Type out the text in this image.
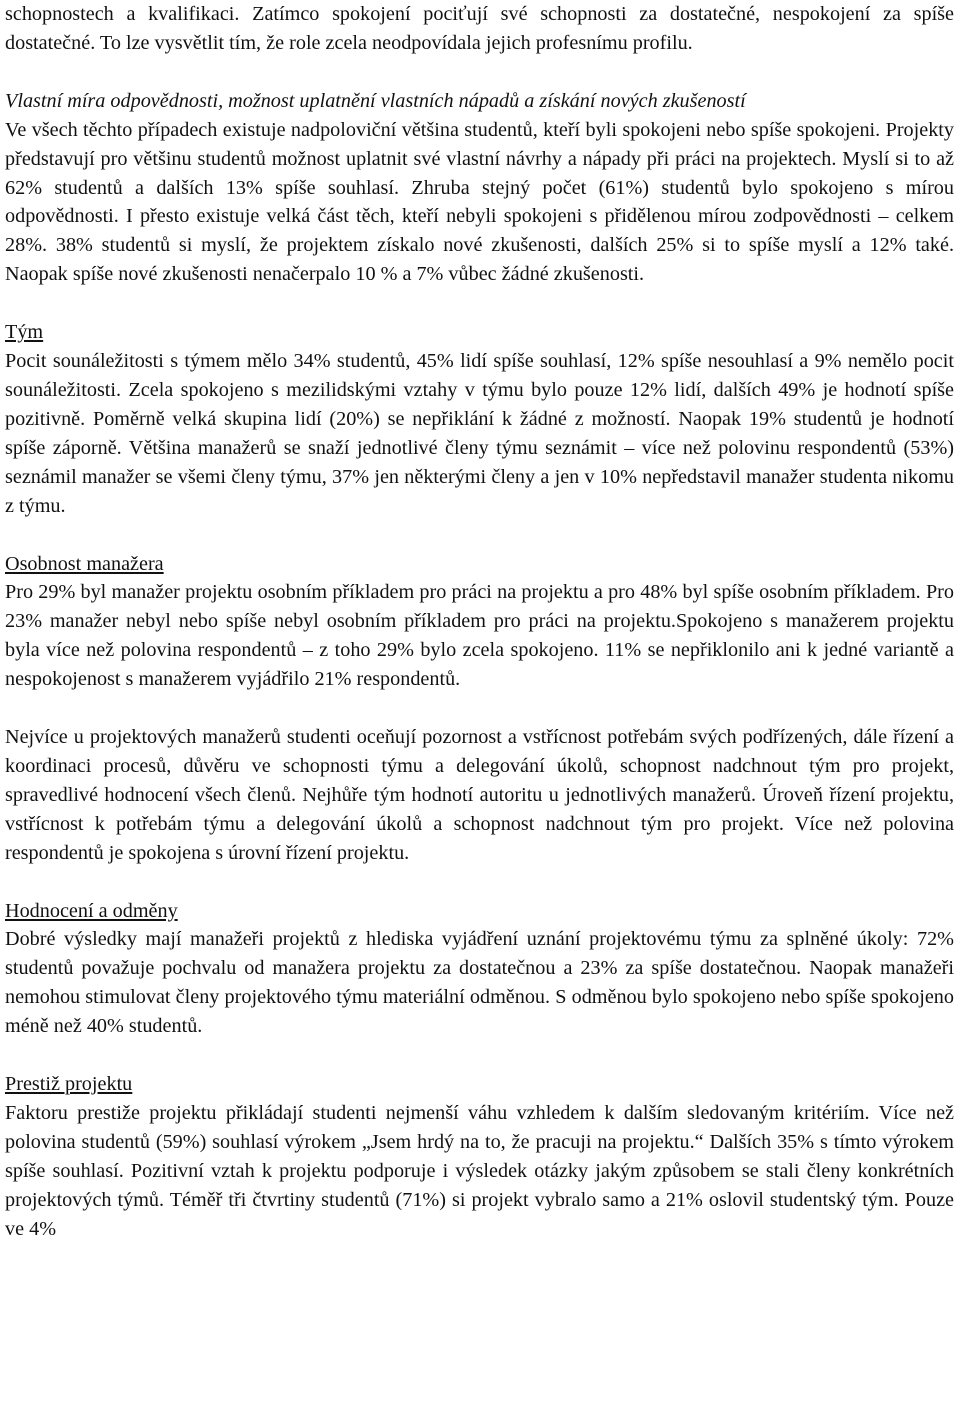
schopnostech a kvalifikaci. Zatímco spokojení pociťují své schopnosti za dostatečné, nespokojení za spíše dostatečné. To lze vysvětlit tím, že role zcela neodpovídala jejich profesnímu profilu.

Vlastní míra odpovědnosti, možnost uplatnění vlastních nápadů a získání nových zkušeností

Ve všech těchto případech existuje nadpoloviční většina studentů, kteří byli spokojeni nebo spíše spokojeni. Projekty představují pro většinu studentů možnost uplatnit své vlastní návrhy a nápady při práci na projektech. Myslí si to až 62% studentů a dalších 13% spíše souhlasí. Zhruba stejný počet (61%) studentů bylo spokojeno s mírou odpovědnosti. I přesto existuje velká část těch, kteří nebyli spokojeni s přidělenou mírou zodpovědnosti – celkem 28%. 38% studentů si myslí, že projektem získalo nové zkušenosti, dalších 25% si to spíše myslí a 12% také. Naopak spíše nové zkušenosti nenačerpalo 10 % a 7% vůbec žádné zkušenosti.

Tým

Pocit sounáležitosti s týmem mělo 34% studentů, 45% lidí spíše souhlasí, 12% spíše nesouhlasí a 9% nemělo pocit sounáležitosti. Zcela spokojeno s mezilidskými vztahy v týmu bylo pouze 12% lidí, dalších 49% je hodnotí spíše pozitivně. Poměrně velká skupina lidí (20%) se nepřiklání k žádné z možností. Naopak 19% studentů je hodnotí spíše záporně. Většina manažerů se snaží jednotlivé členy týmu seznámit – více než polovinu respondentů (53%) seznámil manažer se všemi členy týmu, 37% jen některými členy a jen v 10% nepředstavil manažer studenta nikomu z týmu.

Osobnost manažera

Pro 29% byl manažer projektu osobním příkladem pro práci na projektu a pro 48% byl spíše osobním příkladem. Pro 23% manažer nebyl nebo spíše nebyl osobním příkladem pro práci na projektu.Spokojeno s manažerem projektu byla více než polovina respondentů – z toho 29% bylo zcela spokojeno. 11% se nepřiklonilo ani k jedné variantě a nespokojenost s manažerem vyjádřilo 21% respondentů.

Nejvíce u projektových manažerů studenti oceňují pozornost a vstřícnost potřebám svých podřízených, dále řízení a koordinaci procesů, důvěru ve schopnosti týmu a delegování úkolů, schopnost nadchnout tým pro projekt, spravedlivé hodnocení všech členů. Nejhůře tým hodnotí autoritu u jednotlivých manažerů. Úroveň řízení projektu, vstřícnost k potřebám týmu a delegování úkolů a schopnost nadchnout tým pro projekt. Více než polovina respondentů je spokojena s úrovní řízení projektu.

Hodnocení a odměny

Dobré výsledky mají manažeři projektů z hlediska vyjádření uznání projektovému týmu za splněné úkoly: 72% studentů považuje pochvalu od manažera projektu za dostatečnou a 23% za spíše dostatečnou. Naopak manažeři nemohou stimulovat členy projektového týmu materiální odměnou. S odměnou bylo spokojeno nebo spíše spokojeno méně než 40% studentů.

Prestiž projektu

Faktoru prestiže projektu přikládají studenti nejmenší váhu vzhledem k dalším sledovaným kritériím. Více než polovina studentů (59%) souhlasí výrokem „Jsem hrdý na to, že pracuji na projektu.“ Dalších 35% s tímto výrokem spíše souhlasí. Pozitivní vztah k projektu podporuje i výsledek otázky jakým způsobem se stali členy konkrétních projektových týmů. Téměř tři čtvrtiny studentů (71%) si projekt vybralo samo a 21% oslovil studentský tým. Pouze ve 4%
